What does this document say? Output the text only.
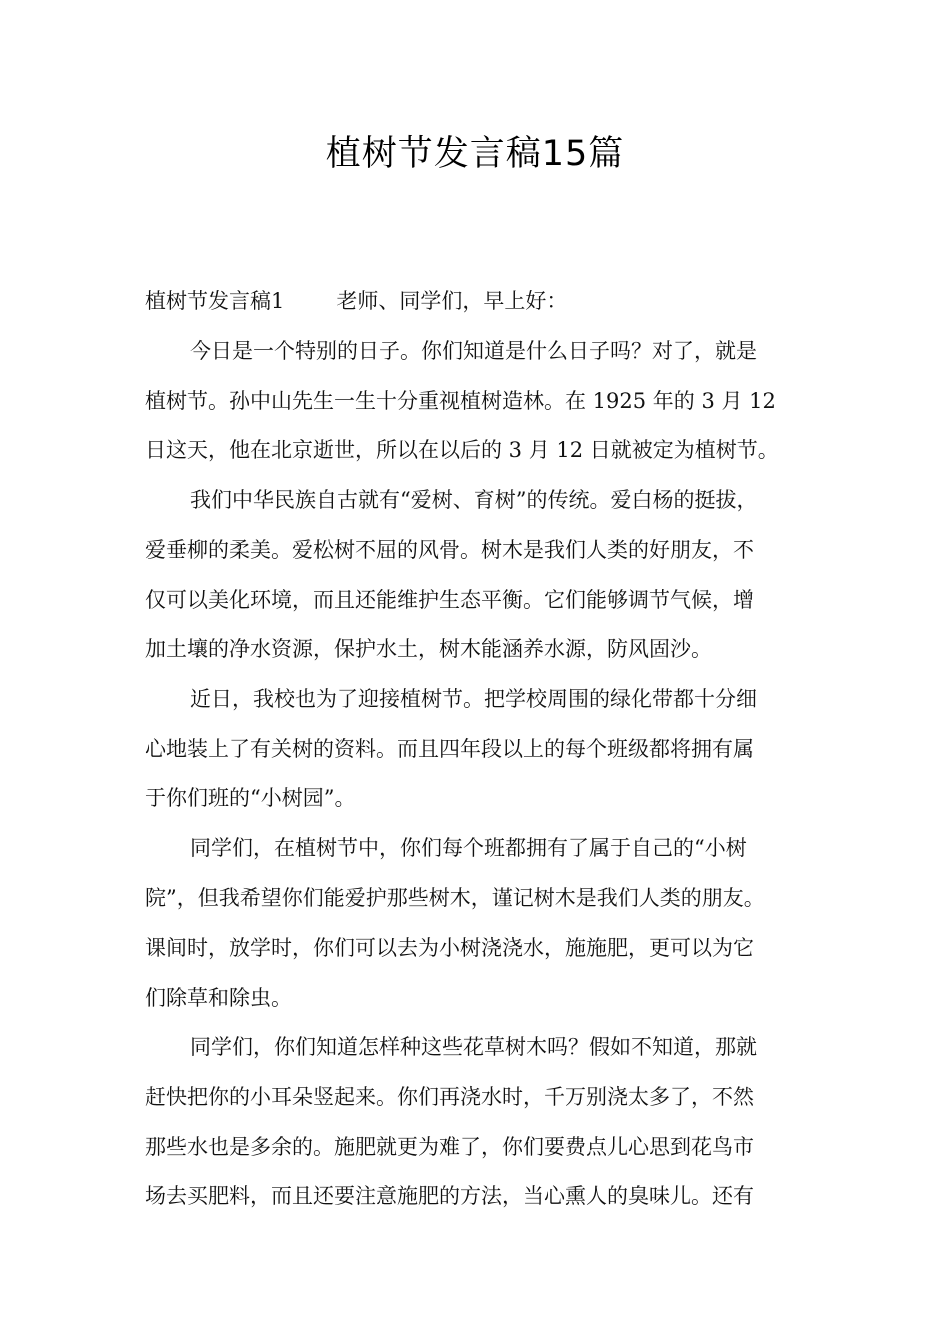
植树节发言稿15篇
植树节发言稿1 老师、同学们，早上好：
今日是一个特别的日子。你们知道是什么日子吗？对了，就是
植树节。孙中山先生一生十分重视植树造林。在 1925 年的 3 月 12
日这天，他在北京逝世，所以在以后的 3 月 12 日就被定为植树节。
我们中华民族自古就有“爱树、育树”的传统。爱白杨的挺拔，
爱垂柳的柔美。爱松树不屈的风骨。树木是我们人类的好朋友，不
仅可以美化环境，而且还能维护生态平衡。它们能够调节气候，增
加土壤的净水资源，保护水土，树木能涵养水源，防风固沙。
近日，我校也为了迎接植树节。把学校周围的绿化带都十分细
心地装上了有关树的资料。而且四年段以上的每个班级都将拥有属
于你们班的“小树园”。
同学们，在植树节中，你们每个班都拥有了属于自己的“小树
院”，但我希望你们能爱护那些树木，谨记树木是我们人类的朋友。
课间时，放学时，你们可以去为小树浇浇水，施施肥，更可以为它
们除草和除虫。
同学们，你们知道怎样种这些花草树木吗？假如不知道，那就
赶快把你的小耳朵竖起来。你们再浇水时，千万别浇太多了，不然
那些水也是多余的。施肥就更为难了，你们要费点儿心思到花鸟市
场去买肥料，而且还要注意施肥的方法，当心熏人的臭味儿。还有
